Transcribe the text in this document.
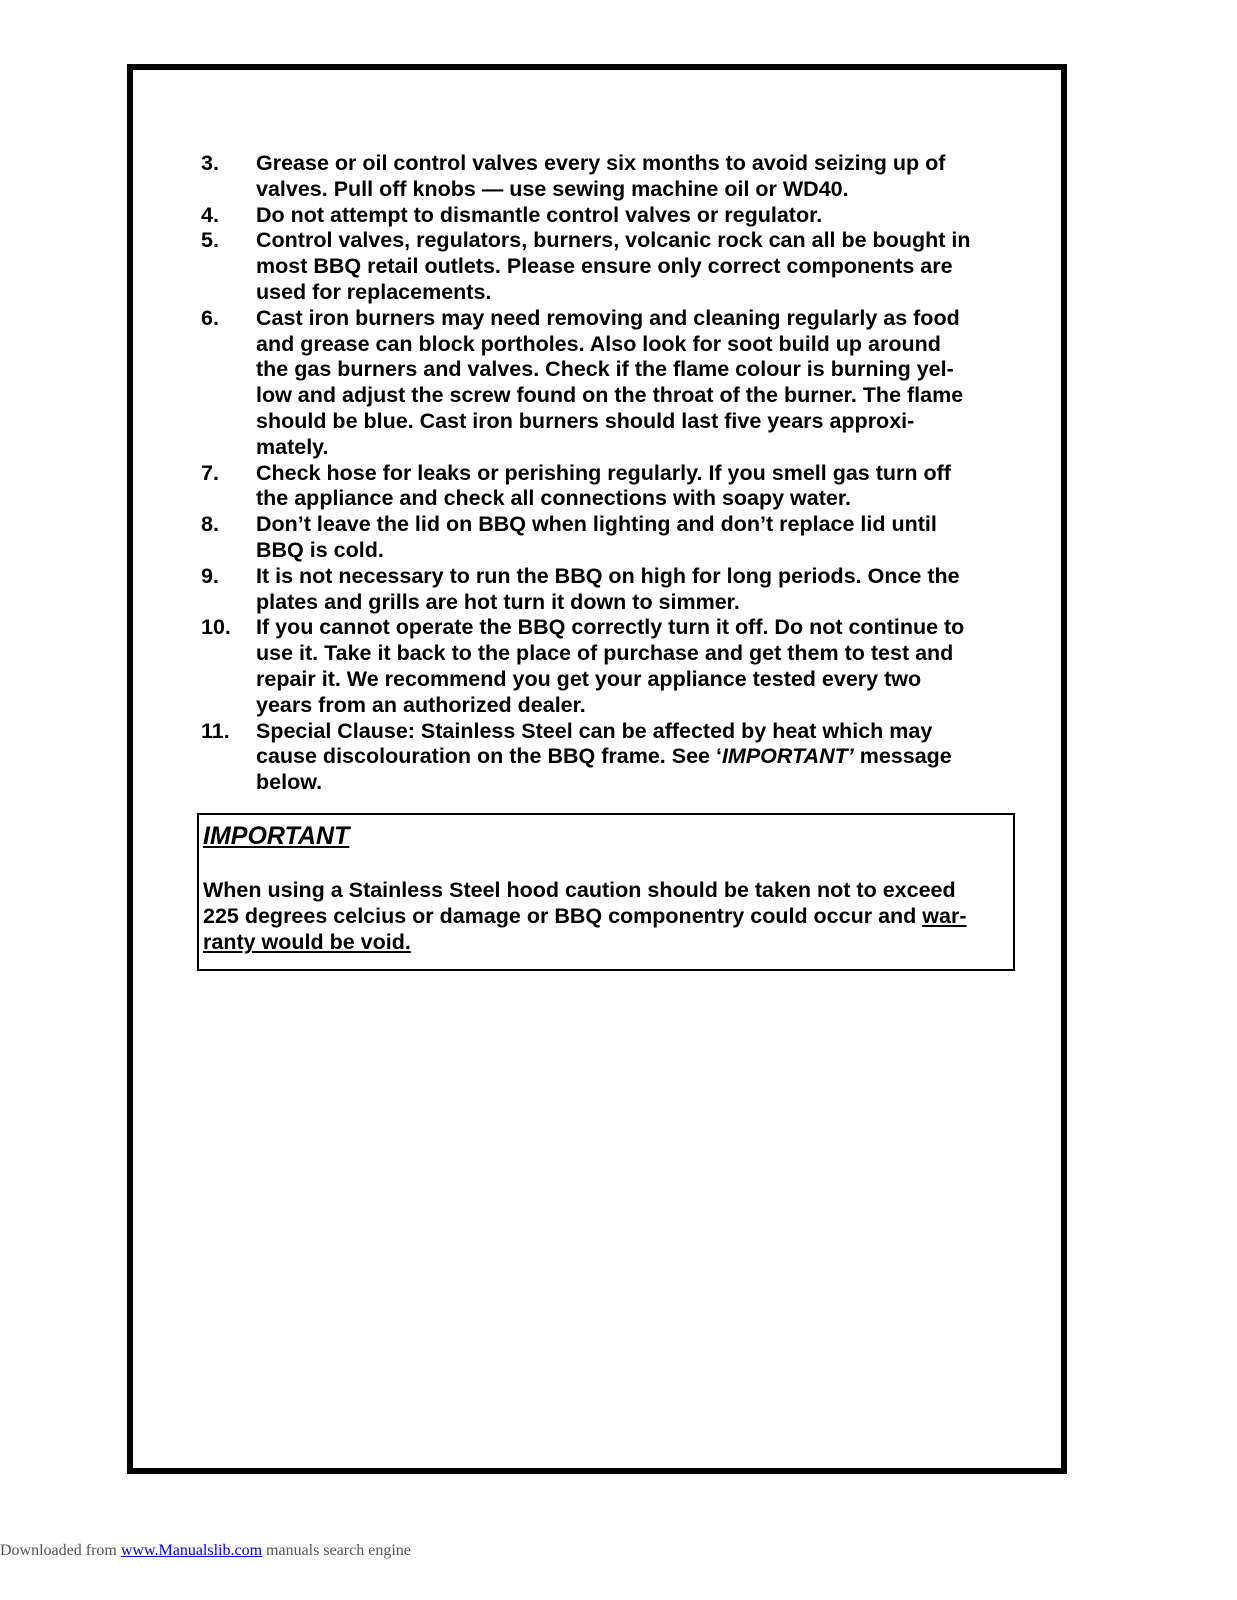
3. Grease or oil control valves every six months to avoid seizing up of
valves. Pull off knobs — use sewing machine oil or WD40.
4. Do not attempt to dismantle control valves or regulator.
5. Control valves, regulators, burners, volcanic rock can all be bought in
most BBQ retail outlets. Please ensure only correct components are
used for replacements.
6. Cast iron burners may need removing and cleaning regularly as food
and grease can block portholes. Also look for soot build up around
the gas burners and valves. Check if the flame colour is burning yel-
low and adjust the screw found on the throat of the burner. The flame
should be blue. Cast iron burners should last five years approxi-
mately.
7. Check hose for leaks or perishing regularly. If you smell gas turn off
the appliance and check all connections with soapy water.
8. Don’t leave the lid on BBQ when lighting and don’t replace lid until
BBQ is cold.
9. It is not necessary to run the BBQ on high for long periods. Once the
plates and grills are hot turn it down to simmer.
10. If you cannot operate the BBQ correctly turn it off. Do not continue to
use it. Take it back to the place of purchase and get them to test and
repair it. We recommend you get your appliance tested every two
years from an authorized dealer.
11. Special Clause: Stainless Steel can be affected by heat which may
cause discolouration on the BBQ frame. See ‘IMPORTANT’ message
below.
IMPORTANT
When using a Stainless Steel hood caution should be taken not to exceed
225 degrees celcius or damage or BBQ componentry could occur and war-
ranty would be void.
Downloaded from www.Manualslib.com manuals search engine
